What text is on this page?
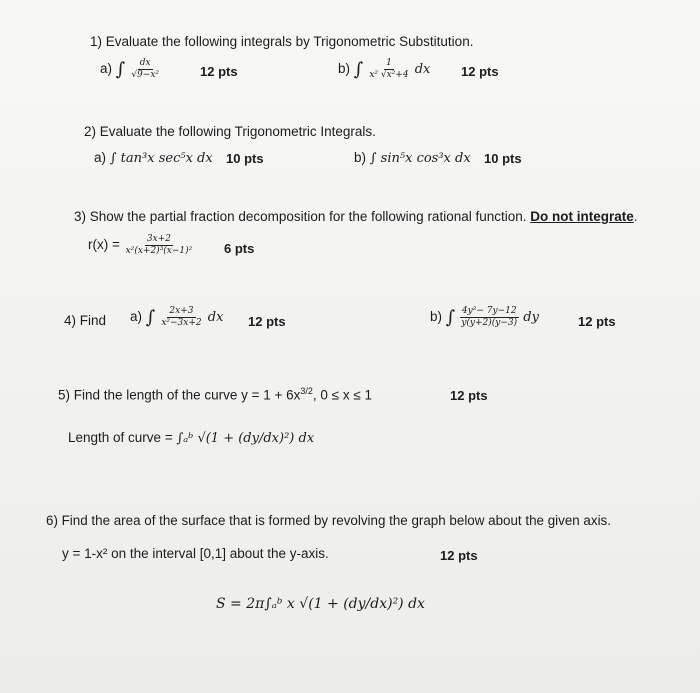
1) Evaluate the following integrals by Trigonometric Substitution.
a) ∫ $\frac{dx}{\text{√9−x²}}$	12 pts	b) ∫ $\frac{1}{\text{x² √x²+4}}$ dx 12 pts
2) Evaluate the following Trigonometric Integrals.
a) ∫ tan³x sec⁵x dx 10 pts	b) ∫ sin⁵x cos³x dx 10 pts
3) Show the partial fraction decomposition for the following rational function. Do not integrate.
$r(x) = \frac{3x+2}{\text{x²(x+2)³(x−1)²}} 6$ pts
4) Find a) ∫ $\frac{2x+3}{\text{x²−3x+2}}$ dx 12 pts	b) ∫ $\frac{\text{4y²− 7y−12}}{y(y+2)(y-3)}$ dy	12 pts
5) Find the length of the curve $y = 1 + 6x^{3/2}$, 0 ≤ x ≤ 1	12 pts
Length of curve = ∫ₐᵇ √(1 + (dy/dx)²) dx
6) Find the area of the surface that is formed by revolving the graph below about the given axis.
y = 1-x² on the interval [0,1] about the y-axis.	12 pts
S = 2π∫ₐᵇ x √(1 + (dy/dx)²) dx
